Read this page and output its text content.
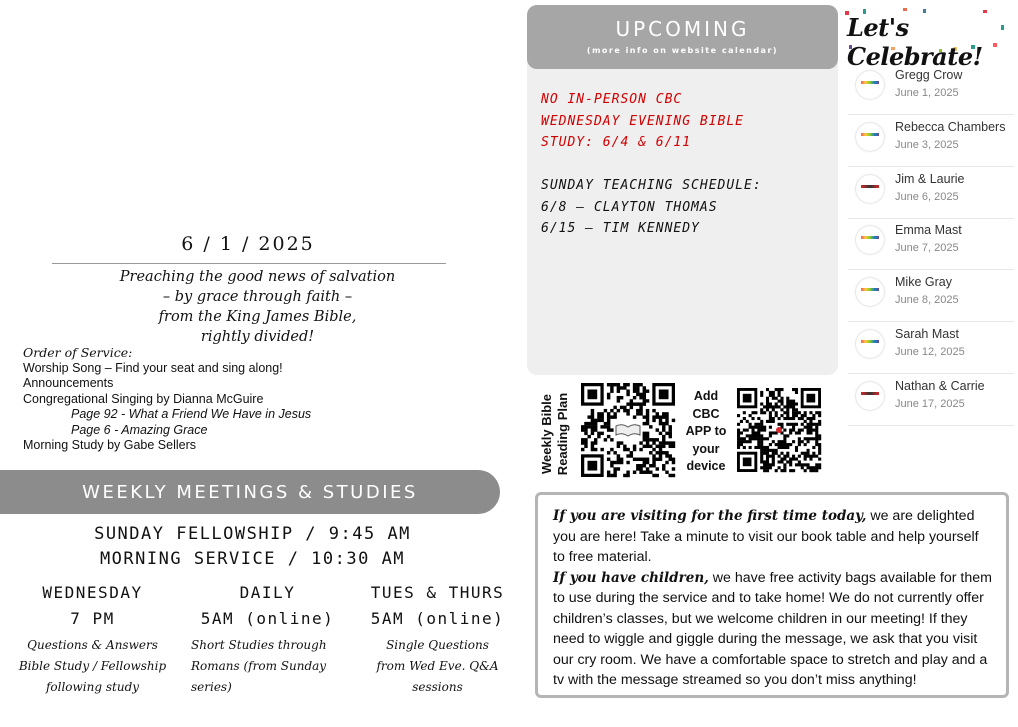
6 / 1 / 2025
Preaching the good news of salvation
– by grace through faith –
from the King James Bible,
rightly divided!
Order of Service:
Worship Song – Find your seat and sing along!
Announcements
Congregational Singing by Dianna McGuire
Page 92 - What a Friend We Have in Jesus
Page 6 - Amazing Grace
Morning Study by Gabe Sellers
WEEKLY MEETINGS & STUDIES
SUNDAY FELLOWSHIP / 9:45 AM
MORNING SERVICE / 10:30 AM
WEDNESDAY
7 PM
Questions & Answers Bible Study / Fellowship following study
DAILY
5AM (online)
Short Studies through Romans (from Sunday series)
TUES & THURS
5AM (online)
Single Questions from Wed Eve. Q&A sessions
UPCOMING
(more info on website calendar)
NO IN-PERSON CBC
WEDNESDAY EVENING BIBLE
STUDY: 6/4 & 6/11
SUNDAY TEACHING SCHEDULE:
6/8 – CLAYTON THOMAS
6/15 – TIM KENNEDY
Weekly Bible Reading Plan	Add
CBC
APP to
your
device
If you are visiting for the first time today, we are delighted you are here! Take a minute to visit our book table and help yourself to free material.
If you have children, we have free activity bags available for them to use during the service and to take home! We do not currently offer children’s classes, but we welcome children in our meeting! If they need to wiggle and giggle during the message, we ask that you visit our cry room. We have a comfortable space to stretch and play and a tv with the message streamed so you don’t miss anything!
Let's Celebrate!
Gregg Crow
June 1, 2025
Rebecca Chambers
June 3, 2025
Jim & Laurie
June 6, 2025
Emma Mast
June 7, 2025
Mike Gray
June 8, 2025
Sarah Mast
June 12, 2025
Nathan & Carrie
June 17, 2025
